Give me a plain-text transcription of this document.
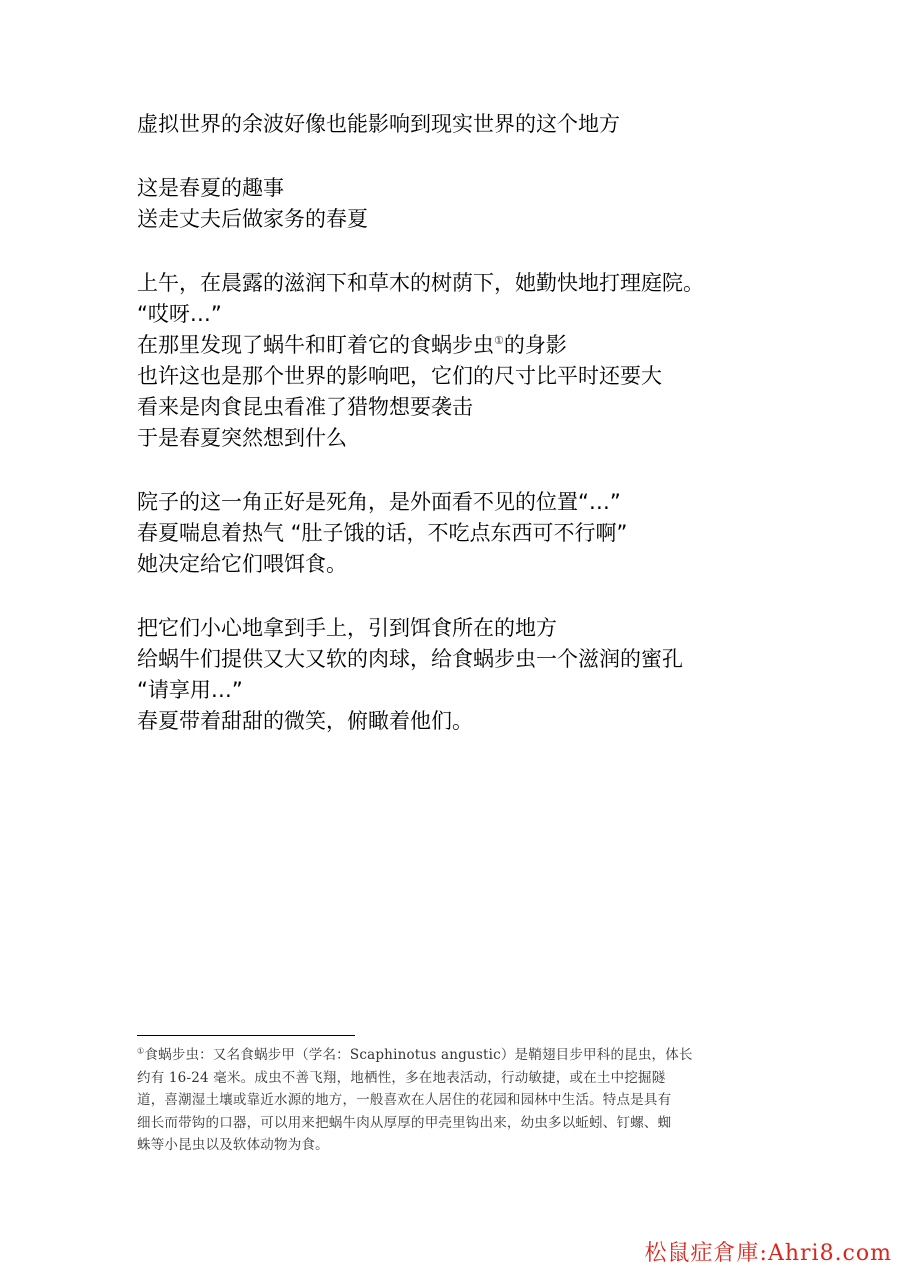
虚拟世界的余波好像也能影响到现实世界的这个地方
这是春夏的趣事
送走丈夫后做家务的春夏
上午，在晨露的滋润下和草木的树荫下，她勤快地打理庭院。
“哎呀…”
在那里发现了蜗牛和盯着它的食蜗步虫①的身影
也许这也是那个世界的影响吧，它们的尺寸比平时还要大
看来是肉食昆虫看准了猎物想要袭击
于是春夏突然想到什么
院子的这一角正好是死角，是外面看不见的位置“…”
春夏喘息着热气 “肚子饿的话，不吃点东西可不行啊”
她决定给它们喂饵食。
把它们小心地拿到手上，引到饵食所在的地方
给蜗牛们提供又大又软的肉球，给食蜗步虫一个滋润的蜜孔
“请享用…”
春夏带着甜甜的微笑，俯瞰着他们。
①食蜗步虫：又名食蜗步甲（学名：Scaphinotus angustic）是鞘翅目步甲科的昆虫，体长
约有 16-24 毫米。成虫不善飞翔，地栖性，多在地表活动，行动敏捷，或在土中挖掘隧
道，喜潮湿土壤或靠近水源的地方，一般喜欢在人居住的花园和园林中生活。特点是具有
细长而带钩的口器，可以用来把蜗牛肉从厚厚的甲壳里钩出来，幼虫多以蚯蚓、钉螺、蜘
蛛等小昆虫以及软体动物为食。
松鼠症倉庫:Ahri8.com
